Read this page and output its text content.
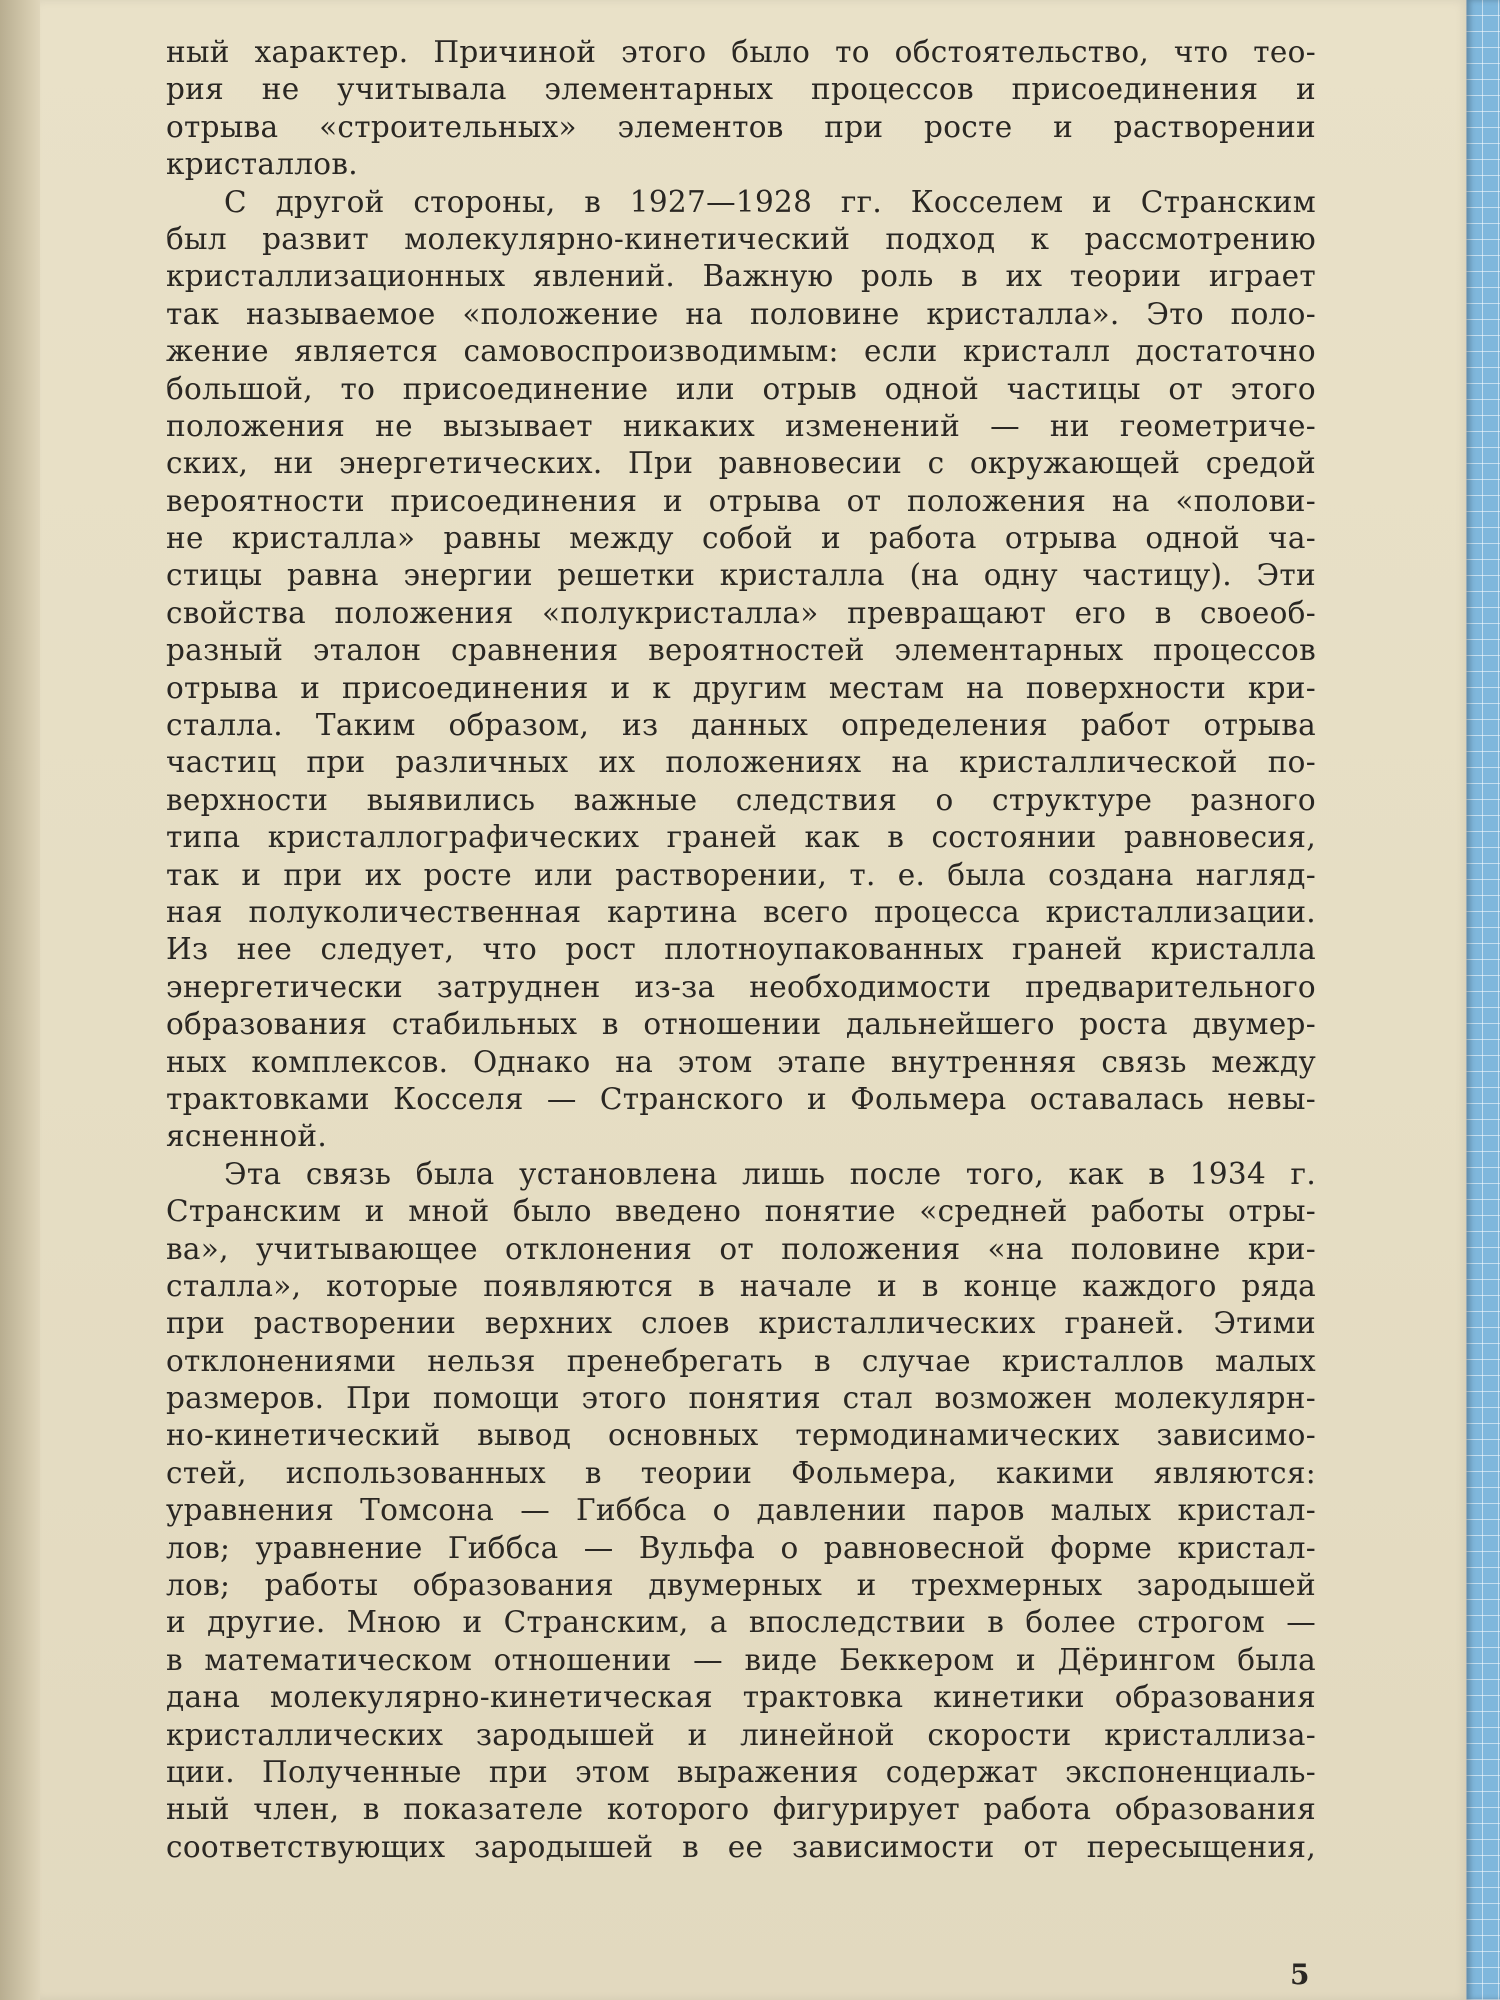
ный характер. Причиной этого было то обстоятельство, что тео-
рия не учитывала элементарных процессов присоединения и
отрыва «строительных» элементов при росте и растворении
кристаллов.
С другой стороны, в 1927—1928 гг. Косселем и Странским
был развит молекулярно-кинетический подход к рассмотрению
кристаллизационных явлений. Важную роль в их теории играет
так называемое «положение на половине кристалла». Это поло-
жение является самовоспроизводимым: если кристалл достаточно
большой, то присоединение или отрыв одной частицы от этого
положения не вызывает никаких изменений — ни геометриче-
ских, ни энергетических. При равновесии с окружающей средой
вероятности присоединения и отрыва от положения на «полови-
не кристалла» равны между собой и работа отрыва одной ча-
стицы равна энергии решетки кристалла (на одну частицу). Эти
свойства положения «полукристалла» превращают его в своеоб-
разный эталон сравнения вероятностей элементарных процессов
отрыва и присоединения и к другим местам на поверхности кри-
сталла. Таким образом, из данных определения работ отрыва
частиц при различных их положениях на кристаллической по-
верхности выявились важные следствия о структуре разного
типа кристаллографических граней как в состоянии равновесия,
так и при их росте или растворении, т. е. была создана нагляд-
ная полуколичественная картина всего процесса кристаллизации.
Из нее следует, что рост плотноупакованных граней кристалла
энергетически затруднен из-за необходимости предварительного
образования стабильных в отношении дальнейшего роста двумер-
ных комплексов. Однако на этом этапе внутренняя связь между
трактовками Косселя — Странского и Фольмера оставалась невы-
ясненной.
Эта связь была установлена лишь после того, как в 1934 г.
Странским и мной было введено понятие «средней работы отры-
ва», учитывающее отклонения от положения «на половине кри-
сталла», которые появляются в начале и в конце каждого ряда
при растворении верхних слоев кристаллических граней. Этими
отклонениями нельзя пренебрегать в случае кристаллов малых
размеров. При помощи этого понятия стал возможен молекулярн-
но-кинетический вывод основных термодинамических зависимо-
стей, использованных в теории Фольмера, какими являются:
уравнения Томсона — Гиббса о давлении паров малых кристал-
лов; уравнение Гиббса — Вульфа о равновесной форме кристал-
лов; работы образования двумерных и трехмерных зародышей
и другие. Мною и Странским, а впоследствии в более строгом —
в математическом отношении — виде Беккером и Дёрингом была
дана молекулярно-кинетическая трактовка кинетики образования
кристаллических зародышей и линейной скорости кристаллиза-
ции. Полученные при этом выражения содержат экспоненциаль-
ный член, в показателе которого фигурирует работа образования
соответствующих зародышей в ее зависимости от пересыщения,
5
